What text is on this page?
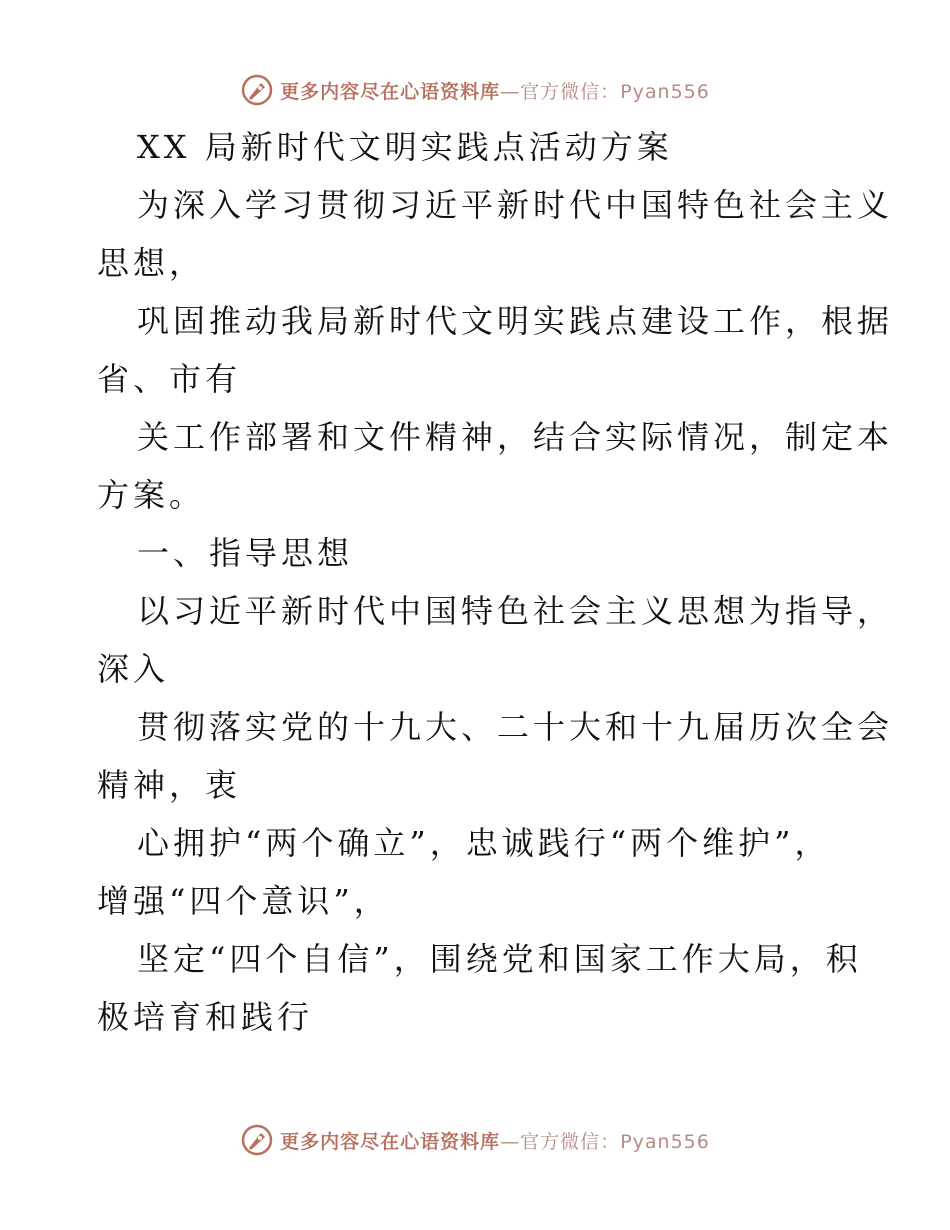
更多内容尽在心语资料库—官方微信：Pyan556
XX 局新时代文明实践点活动方案
为深入学习贯彻习近平新时代中国特色社会主义
思想，
巩固推动我局新时代文明实践点建设工作，根据
省、市有
关工作部署和文件精神，结合实际情况，制定本
方案。
一、指导思想
以习近平新时代中国特色社会主义思想为指导，
深入
贯彻落实党的十九大、二十大和十九届历次全会
精神，衷
心拥护“两个确立”，忠诚践行“两个维护”，
增强“四个意识”，
坚定“四个自信”，围绕党和国家工作大局，积
极培育和践行
更多内容尽在心语资料库—官方微信：Pyan556
